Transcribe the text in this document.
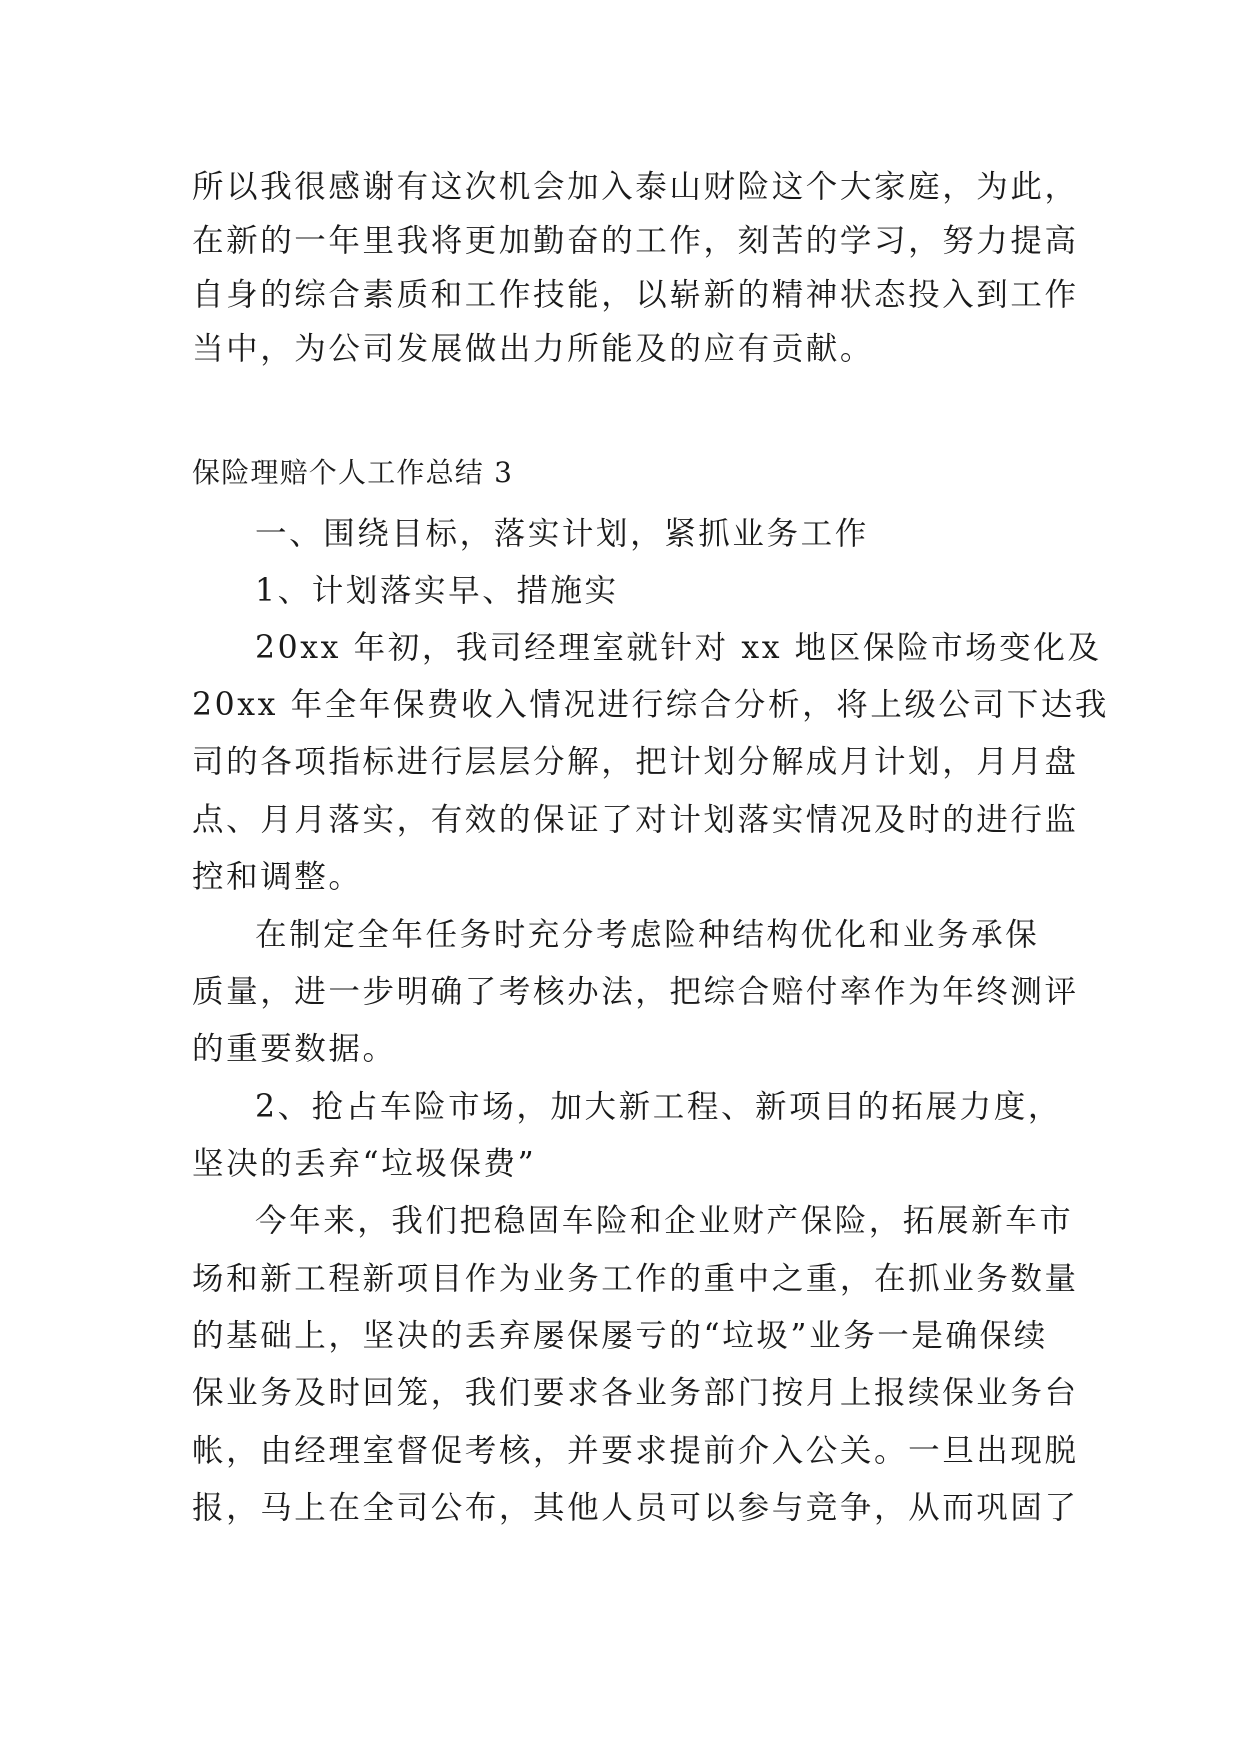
所以我很感谢有这次机会加入泰山财险这个大家庭，为此，
在新的一年里我将更加勤奋的工作，刻苦的学习，努力提高
自身的综合素质和工作技能，以崭新的精神状态投入到工作
当中，为公司发展做出力所能及的应有贡献。
保险理赔个人工作总结 3
一、围绕目标，落实计划，紧抓业务工作
1、计划落实早、措施实
20xx 年初，我司经理室就针对 xx 地区保险市场变化及
20xx 年全年保费收入情况进行综合分析，将上级公司下达我
司的各项指标进行层层分解，把计划分解成月计划，月月盘
点、月月落实，有效的保证了对计划落实情况及时的进行监
控和调整。
在制定全年任务时充分考虑险种结构优化和业务承保
质量，进一步明确了考核办法，把综合赔付率作为年终测评
的重要数据。
2、抢占车险市场，加大新工程、新项目的拓展力度，
坚决的丢弃“垃圾保费”
今年来，我们把稳固车险和企业财产保险，拓展新车市
场和新工程新项目作为业务工作的重中之重，在抓业务数量
的基础上，坚决的丢弃屡保屡亏的“垃圾”业务一是确保续
保业务及时回笼，我们要求各业务部门按月上报续保业务台
帐，由经理室督促考核，并要求提前介入公关。一旦出现脱
报，马上在全司公布，其他人员可以参与竞争，从而巩固了
